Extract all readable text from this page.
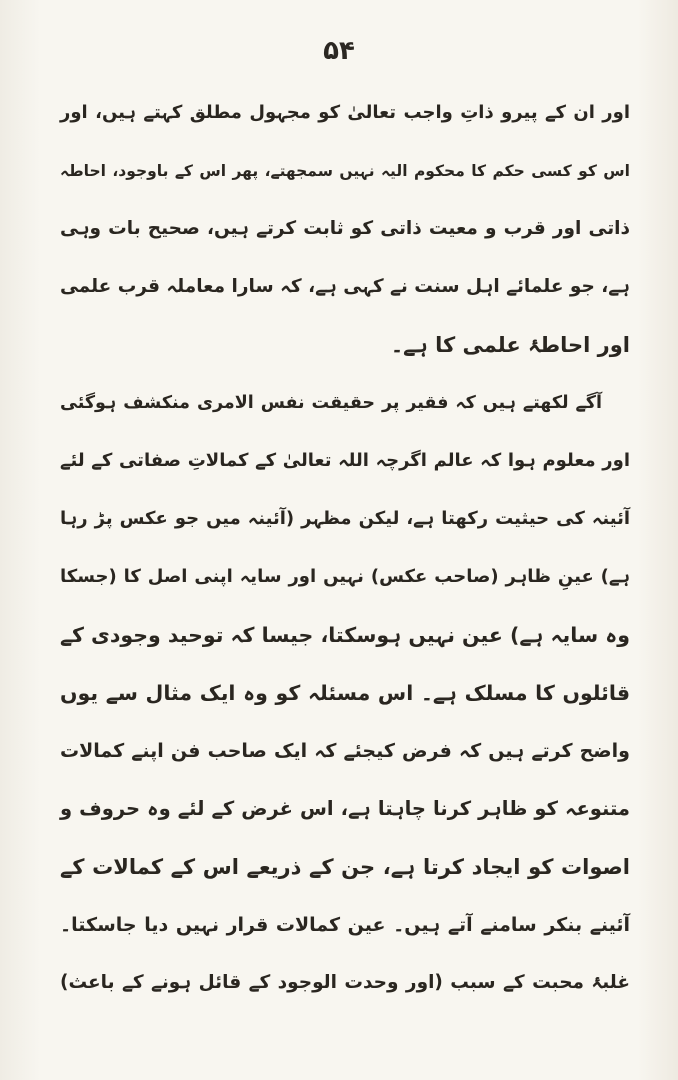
۵۴
اور ان کے پیرو ذاتِ واجب تعالیٰ کو مجہول مطلق کہتے ہیں، اور
اس کو کسی حکم کا محکوم الیہ نہیں سمجھتے، پھر اس کے باوجود، احاطہ
ذاتی اور قرب و معیت ذاتی کو ثابت کرتے ہیں، صحیح بات وہی
ہے، جو علمائے اہل سنت نے کہی ہے، کہ سارا معاملہ قرب علمی
اور احاطۂ علمی کا ہے۔
آگے لکھتے ہیں کہ فقیر پر حقیقت نفس الامری منکشف ہوگئی
اور معلوم ہوا کہ عالم اگرچہ اللہ تعالیٰ کے کمالاتِ صفاتی کے لئے
آئینہ کی حیثیت رکھتا ہے، لیکن مظہر (آئینہ میں جو عکس پڑ رہا
ہے) عینِ ظاہر (صاحب عکس) نہیں اور سایہ اپنی اصل کا (جسکا
وہ سایہ ہے) عین نہیں ہوسکتا، جیسا کہ توحید وجودی کے
قائلوں کا مسلک ہے۔ اس مسئلہ کو وہ ایک مثال سے یوں
واضح کرتے ہیں کہ فرض کیجئے کہ ایک صاحب فن اپنے کمالات
متنوعہ کو ظاہر کرنا چاہتا ہے، اس غرض کے لئے وہ حروف و
اصوات کو ایجاد کرتا ہے، جن کے ذریعے اس کے کمالات کے
آئینے بنکر سامنے آتے ہیں۔ عین کمالات قرار نہیں دیا جاسکتا۔
غلبۂ محبت کے سبب (اور وحدت الوجود کے قائل ہونے کے باعث)
